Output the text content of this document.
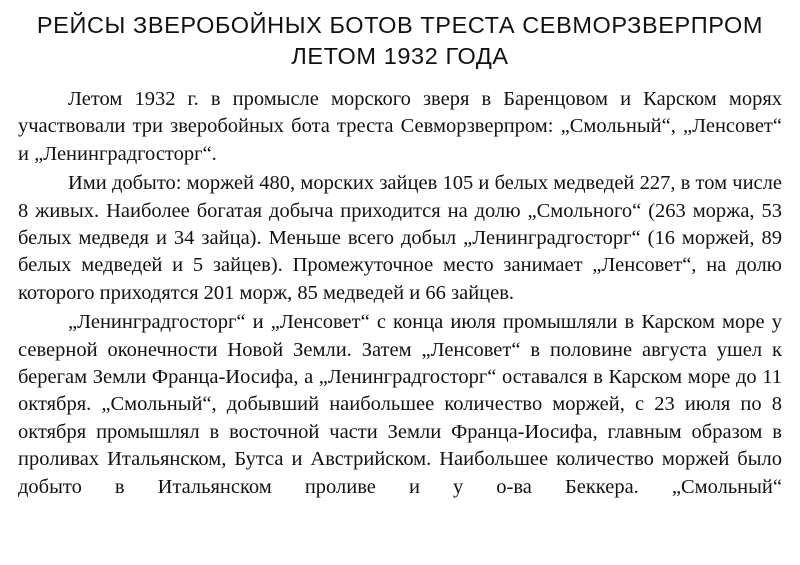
РЕЙСЫ ЗВЕРОБОЙНЫХ БОТОВ ТРЕСТА СЕВМОРЗВЕРПРОМ
ЛЕТОМ 1932 ГОДА

Летом 1932 г. в промысле морского зверя в Баренцовом и Карском морях участвовали три зверобойных бота треста Севморзверпром: „Смольный“, „Ленсовет“ и „Ленинградгосторг“.

Ими добыто: моржей 480, морских зайцев 105 и белых медведей 227, в том числе 8 живых. Наиболее богатая добыча приходится на долю „Смольного“ (263 моржа, 53 белых медведя и 34 зайца). Меньше всего добыл „Ленинградгосторг“ (16 моржей, 89 белых медведей и 5 зайцев). Промежуточное место занимает „Ленсовет“, на долю которого приходятся 201 морж, 85 медведей и 66 зайцев.

„Ленинградгосторг“ и „Ленсовет“ с конца июля промышляли в Карском море у северной оконечности Новой Земли. Затем „Ленсовет“ в половине августа ушел к берегам Земли Франца-Иосифа, а „Ленинградгосторг“ оставался в Карском море до 11 октября. „Смольный“, добывший наибольшее количество моржей, с 23 июля по 8 октября промышлял в восточной части Земли Франца-Иосифа, главным образом в проливах Итальянском, Бутса и Австрийском. Наибольшее количество моржей было добыто в Итальянском проливе и у о-ва Беккера. „Смольный“
